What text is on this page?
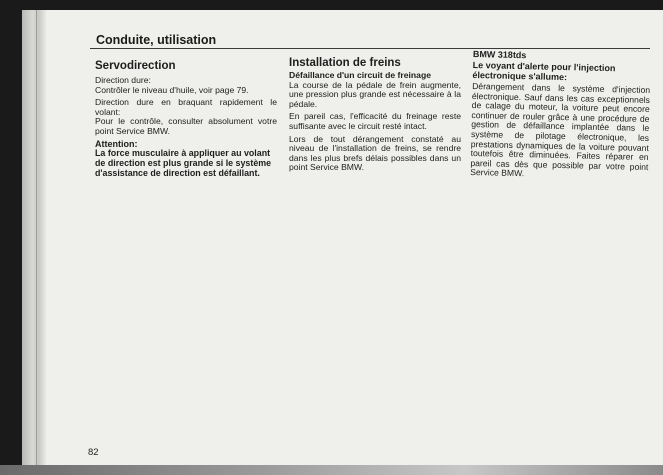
Conduite, utilisation
Servodirection

Direction dure:

Contrôler le niveau d'huile, voir page 79.

Direction dure en braquant rapidement le volant:

Pour le contrôle, consulter absolument votre point Service BMW.

Attention:

La force musculaire à appliquer au volant de direction est plus grande si le système d'assistance de direction est défaillant.

Installation de freins
Défaillance d'un circuit de freinage

La course de la pédale de frein augmente, une pression plus grande est nécessaire à la pédale.

En pareil cas, l'efficacité du freinage reste suffisante avec le circuit resté intact.

Lors de tout dérangement constaté au niveau de l'installation de freins, se rendre dans les plus brefs délais possibles dans un point Service BMW.

BMW 318tds
Le voyant d'alerte pour l'injection électronique s'allume:

Dérangement dans le système d'injection électronique. Sauf dans les cas exceptionnels de calage du moteur, la voiture peut encore continuer de rouler grâce à une procédure de gestion de défaillance implantée dans le système de pilotage électronique, les prestations dynamiques de la voiture pouvant toutefois être diminuées. Faites réparer en pareil cas dès que possible par votre point Service BMW.

82
